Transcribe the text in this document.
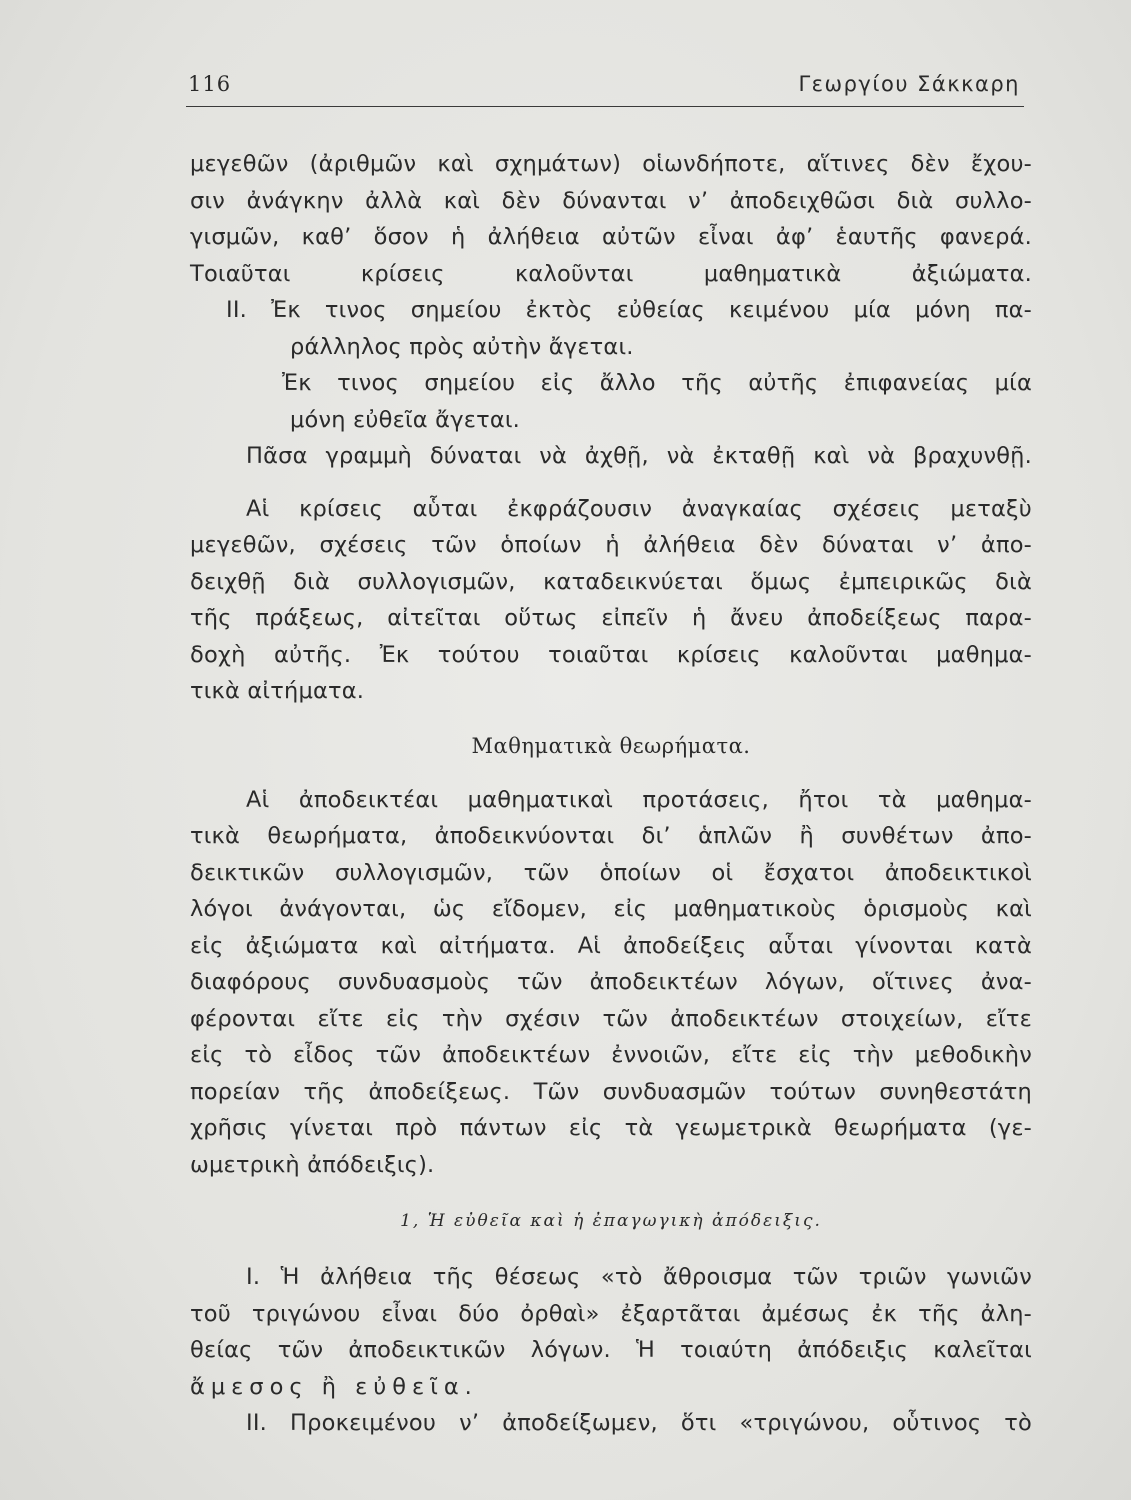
116	Γεωργίου Σάκκαρη
μεγεθῶν (ἀριθμῶν καὶ σχημάτων) οἱωνδήποτε, αἵτινες δὲν ἔχου-
σιν ἀνάγκην ἀλλὰ καὶ δὲν δύνανται ν’ ἀποδειχθῶσι διὰ συλλο-
γισμῶν, καθ’ ὅσον ἡ ἀλήθεια αὐτῶν εἶναι ἀφ’ ἑαυτῆς φανερά.
Τοιαῦται κρίσεις καλοῦνται μαθηματικὰ ἀξιώματα.
II. Ἐκ τινος σημείου ἐκτὸς εὐθείας κειμένου μία μόνη πα-
ράλληλος πρὸς αὐτὴν ἄγεται.
Ἐκ τινος σημείου εἰς ἄλλο τῆς αὐτῆς ἐπιφανείας μία
μόνη εὐθεῖα ἄγεται.
Πᾶσα γραμμὴ δύναται νὰ ἀχθῇ, νὰ ἐκταθῇ καὶ νὰ βραχυνθῇ.
Αἱ κρίσεις αὗται ἐκφράζουσιν ἀναγκαίας σχέσεις μεταξὺ
μεγεθῶν, σχέσεις τῶν ὁποίων ἡ ἀλήθεια δὲν δύναται ν’ ἀπο-
δειχθῇ διὰ συλλογισμῶν, καταδεικνύεται ὅμως ἐμπειρικῶς διὰ
τῆς πράξεως, αἰτεῖται οὕτως εἰπεῖν ἡ ἄνευ ἀποδείξεως παρα-
δοχὴ αὐτῆς. Ἐκ τούτου τοιαῦται κρίσεις καλοῦνται μαθημα-
τικὰ αἰτήματα.
Μαθηματικὰ θεωρήματα.
Αἱ ἀποδεικτέαι μαθηματικαὶ προτάσεις, ἤτοι τὰ μαθημα-
τικὰ θεωρήματα, ἀποδεικνύονται δι’ ἁπλῶν ἢ συνθέτων ἀπο-
δεικτικῶν συλλογισμῶν, τῶν ὁποίων οἱ ἔσχατοι ἀποδεικτικοὶ
λόγοι ἀνάγονται, ὡς εἴδομεν, εἰς μαθηματικοὺς ὁρισμοὺς καὶ
εἰς ἀξιώματα καὶ αἰτήματα. Αἱ ἀποδείξεις αὗται γίνονται κατὰ
διαφόρους συνδυασμοὺς τῶν ἀποδεικτέων λόγων, οἵτινες ἀνα-
φέρονται εἴτε εἰς τὴν σχέσιν τῶν ἀποδεικτέων στοιχείων, εἴτε
εἰς τὸ εἶδος τῶν ἀποδεικτέων ἐννοιῶν, εἴτε εἰς τὴν μεθοδικὴν
πορείαν τῆς ἀποδείξεως. Τῶν συνδυασμῶν τούτων συνηθεστάτη
χρῆσις γίνεται πρὸ πάντων εἰς τὰ γεωμετρικὰ θεωρήματα (γε-
ωμετρικὴ ἀπόδειξις).
1, Ἡ εὐθεῖα καὶ ἡ ἐπαγωγικὴ ἀπόδειξις.
I. Ἡ ἀλήθεια τῆς θέσεως «τὸ ἄθροισμα τῶν τριῶν γωνιῶν
τοῦ τριγώνου εἶναι δύο ὀρθαὶ» ἐξαρτᾶται ἀμέσως ἐκ τῆς ἀλη-
θείας τῶν ἀποδεικτικῶν λόγων. Ἡ τοιαύτη ἀπόδειξις καλεῖται
ἄμεσος ἢ εὐθεῖα.
II. Προκειμένου ν’ ἀποδείξωμεν, ὅτι «τριγώνου, οὗτινος τὸ
